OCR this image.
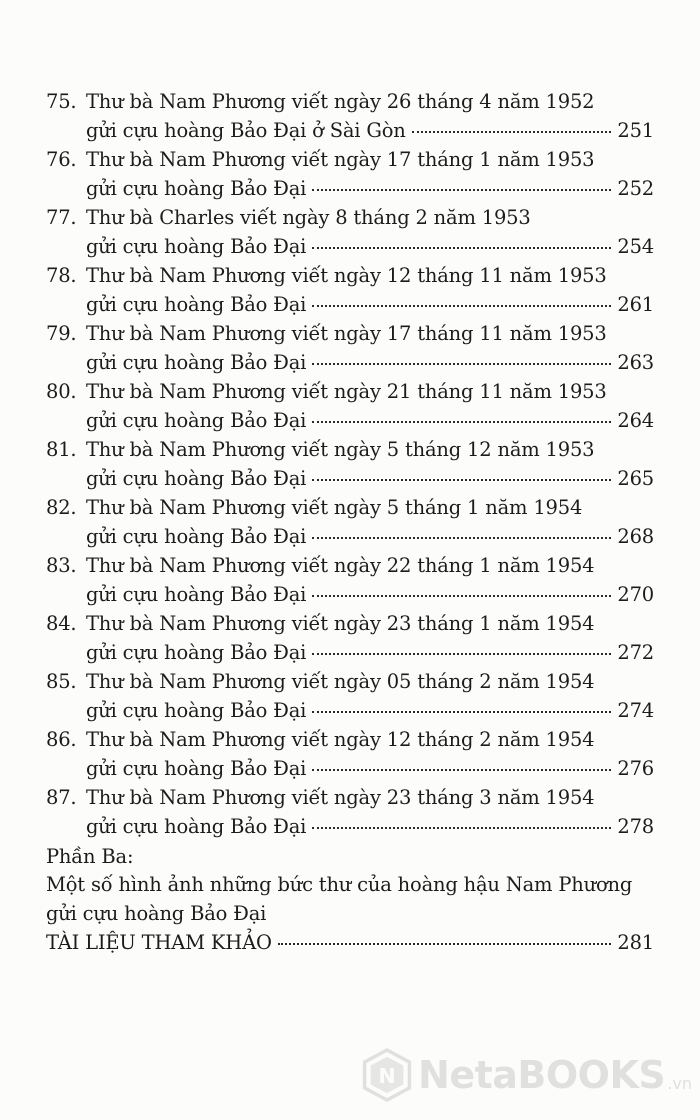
75. Thư bà Nam Phương viết ngày 26 tháng 4 năm 1952
gửi cựu hoàng Bảo Đại ở Sài Gòn	251
76. Thư bà Nam Phương viết ngày 17 tháng 1 năm 1953
gửi cựu hoàng Bảo Đại	252
77. Thư bà Charles viết ngày 8 tháng 2 năm 1953
gửi cựu hoàng Bảo Đại	254
78. Thư bà Nam Phương viết ngày 12 tháng 11 năm 1953
gửi cựu hoàng Bảo Đại	261
79. Thư bà Nam Phương viết ngày 17 tháng 11 năm 1953
gửi cựu hoàng Bảo Đại	263
80. Thư bà Nam Phương viết ngày 21 tháng 11 năm 1953
gửi cựu hoàng Bảo Đại	264
81. Thư bà Nam Phương viết ngày 5 tháng 12 năm 1953
gửi cựu hoàng Bảo Đại	265
82. Thư bà Nam Phương viết ngày 5 tháng 1 năm 1954
gửi cựu hoàng Bảo Đại	268
83. Thư bà Nam Phương viết ngày 22 tháng 1 năm 1954
gửi cựu hoàng Bảo Đại	270
84. Thư bà Nam Phương viết ngày 23 tháng 1 năm 1954
gửi cựu hoàng Bảo Đại	272
85. Thư bà Nam Phương viết ngày 05 tháng 2 năm 1954
gửi cựu hoàng Bảo Đại	274
86. Thư bà Nam Phương viết ngày 12 tháng 2 năm 1954
gửi cựu hoàng Bảo Đại	276
87. Thư bà Nam Phương viết ngày 23 tháng 3 năm 1954
gửi cựu hoàng Bảo Đại	278
Phần Ba:
Một số hình ảnh những bức thư của hoàng hậu Nam Phương
gửi cựu hoàng Bảo Đại
TÀI LIỆU THAM KHẢO	281
N NetaBOOKS .vn
